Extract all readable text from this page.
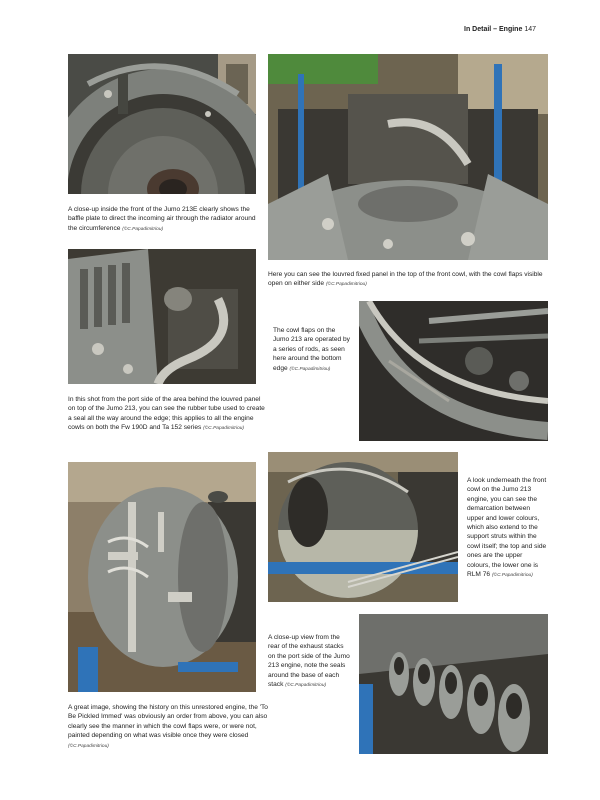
In Detail – Engine 147
A close-up inside the front of the Jumo 213E clearly shows the baffle plate to direct the incoming air through the radiator around the circumference (©C.Papadimitriou)
Here you can see the louvred fixed panel in the top of the front cowl, with the cowl flaps visible open on either side (©C.Papadimitriou)
In this shot from the port side of the area behind the louvred panel on top of the Jumo 213, you can see the rubber tube used to create a seal all the way around the edge; this applies to all the engine cowls on both the Fw 190D and Ta 152 series (©C.Papadimitriou)
The cowl flaps on the Jumo 213 are operated by a series of rods, as seen here around the bottom edge (©C.Papadimitriou)
A great image, showing the history on this unrestored engine, the 'To Be Pickled Immed' was obviously an order from above, you can also clearly see the manner in which the cowl flaps were, or were not, painted depending on what was visible once they were closed (©C.Papadimitriou)
A look underneath the front cowl on the Jumo 213 engine, you can see the demarcation between upper and lower colours, which also extend to the support struts within the cowl itself; the top and side ones are the upper colours, the lower one is RLM 76 (©C.Papadimitriou)
A close-up view from the rear of the exhaust stacks on the port side of the Jumo 213 engine, note the seals around the base of each stack (©C.Papadimitriou)
